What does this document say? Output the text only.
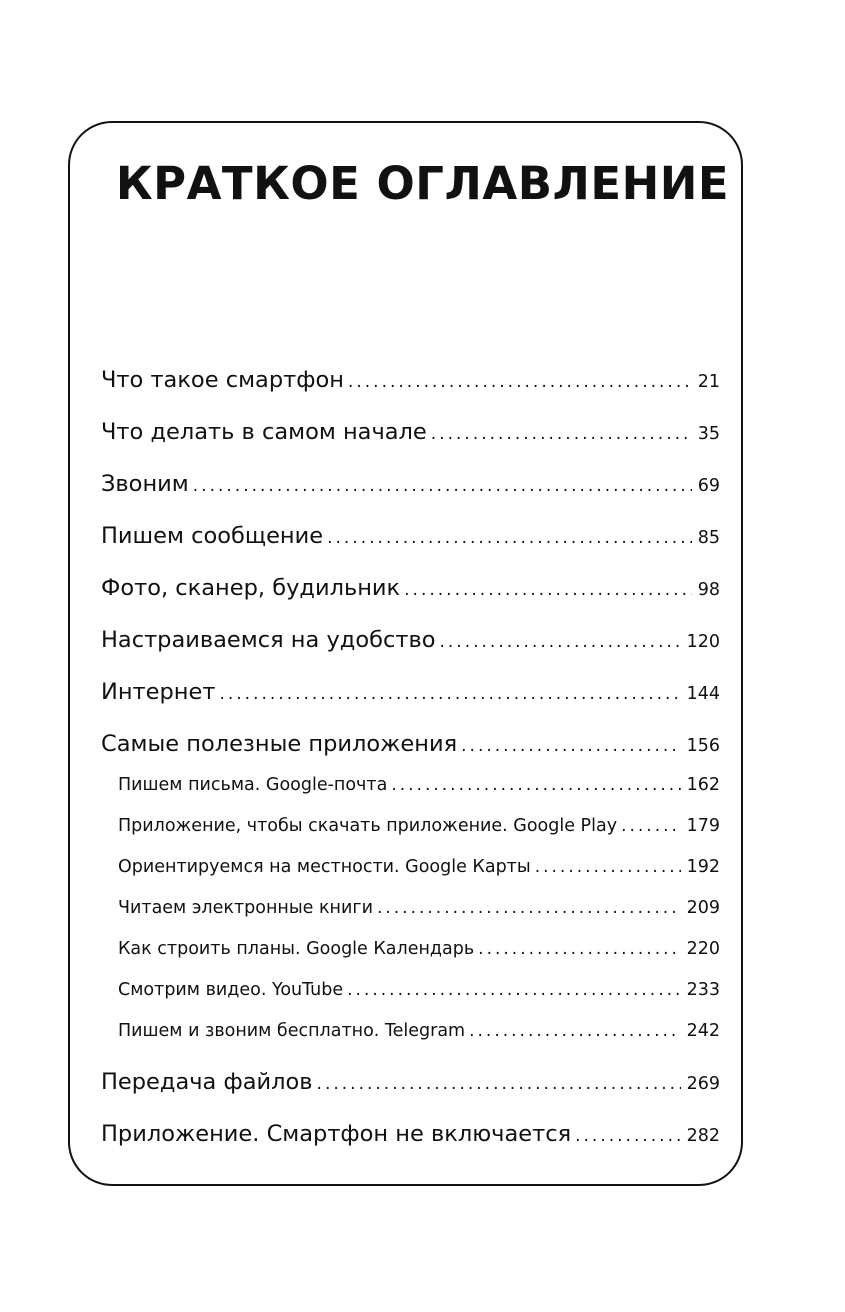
КРАТКОЕ ОГЛАВЛЕНИЕ
Что такое смартфон . . .	21
Что делать в самом начале . . .	35
Звоним . . .	69
Пишем сообщение . . .	85
Фото, сканер, будильник . . .	98
Настраиваемся на удобство . . .	120
Интернет . . .	144
Самые полезные приложения . . .	156
Пишем письма. Google-почта . . .	162
Приложение, чтобы скачать приложение. Google Play . . .	179
Ориентируемся на местности. Google Карты . . .	192
Читаем электронные книги . . .	209
Как строить планы. Google Календарь . . .	220
Смотрим видео. YouTube . . .	233
Пишем и звоним бесплатно. Telegram . . .	242
Передача файлов . . .	269
Приложение. Смартфон не включается . . .	282
